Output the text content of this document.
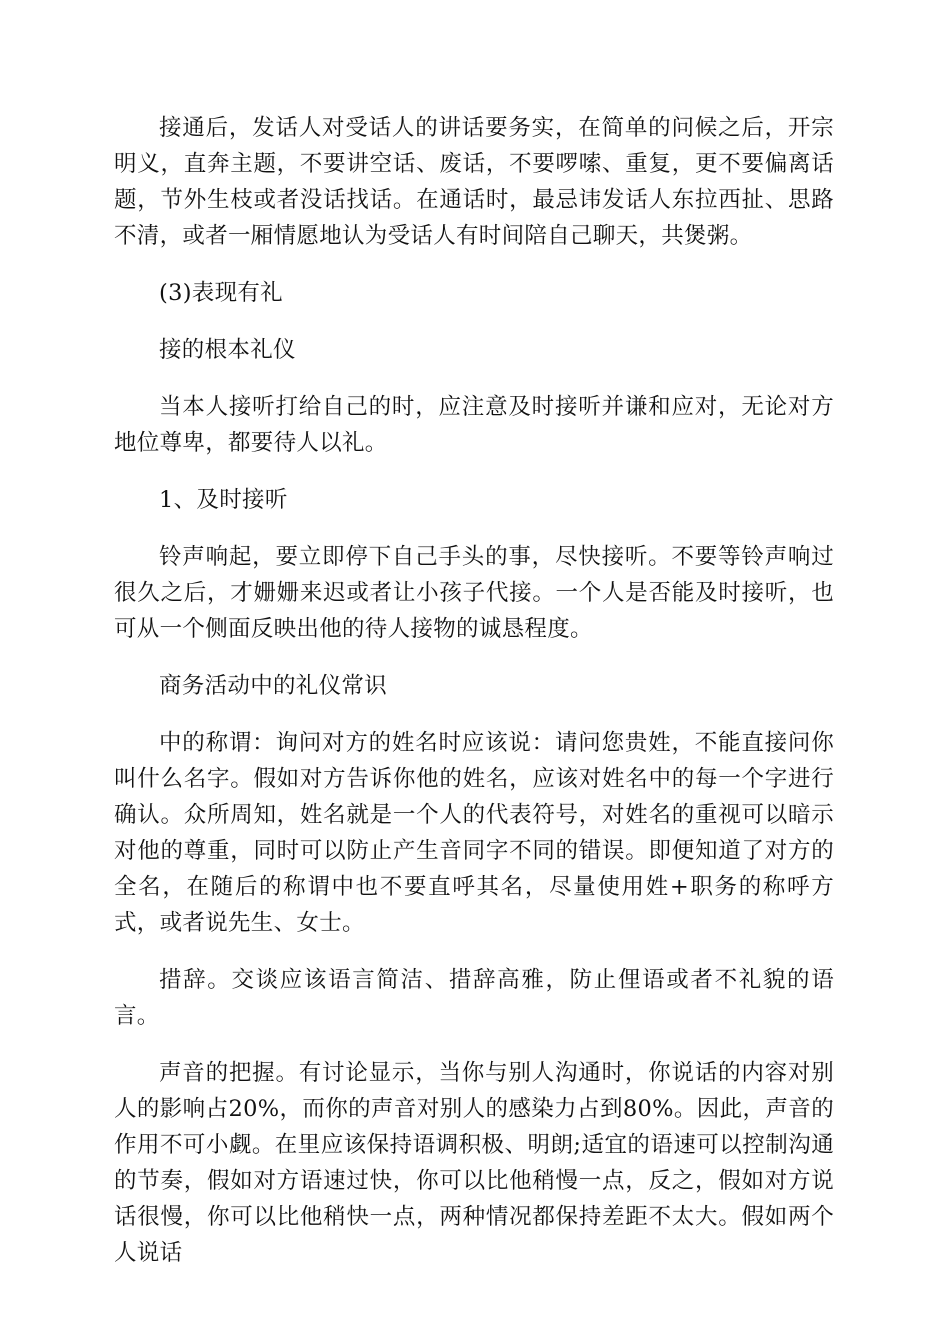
接通后，发话人对受话人的讲话要务实，在简单的问候之后，开宗明义，直奔主题，不要讲空话、废话，不要啰嗦、重复，更不要偏离话题，节外生枝或者没话找话。在通话时，最忌讳发话人东拉西扯、思路不清，或者一厢情愿地认为受话人有时间陪自己聊天，共煲粥。

(3)表现有礼

接的根本礼仪

当本人接听打给自己的时，应注意及时接听并谦和应对，无论对方地位尊卑，都要待人以礼。

1、及时接听

铃声响起，要立即停下自己手头的事，尽快接听。不要等铃声响过很久之后，才姗姗来迟或者让小孩子代接。一个人是否能及时接听，也可从一个侧面反映出他的待人接物的诚恳程度。

商务活动中的礼仪常识

中的称谓：询问对方的姓名时应该说：请问您贵姓，不能直接问你叫什么名字。假如对方告诉你他的姓名，应该对姓名中的每一个字进行确认。众所周知，姓名就是一个人的代表符号，对姓名的重视可以暗示对他的尊重，同时可以防止产生音同字不同的错误。即便知道了对方的全名，在随后的称谓中也不要直呼其名，尽量使用姓+职务的称呼方式，或者说先生、女士。

措辞。交谈应该语言简洁、措辞高雅，防止俚语或者不礼貌的语言。

声音的把握。有讨论显示，当你与别人沟通时，你说话的内容对别人的影响占20%，而你的声音对别人的感染力占到80%。因此，声音的作用不可小觑。在里应该保持语调积极、明朗;适宜的语速可以控制沟通的节奏，假如对方语速过快，你可以比他稍慢一点，反之，假如对方说话很慢，你可以比他稍快一点，两种情况都保持差距不太大。假如两个人说话
